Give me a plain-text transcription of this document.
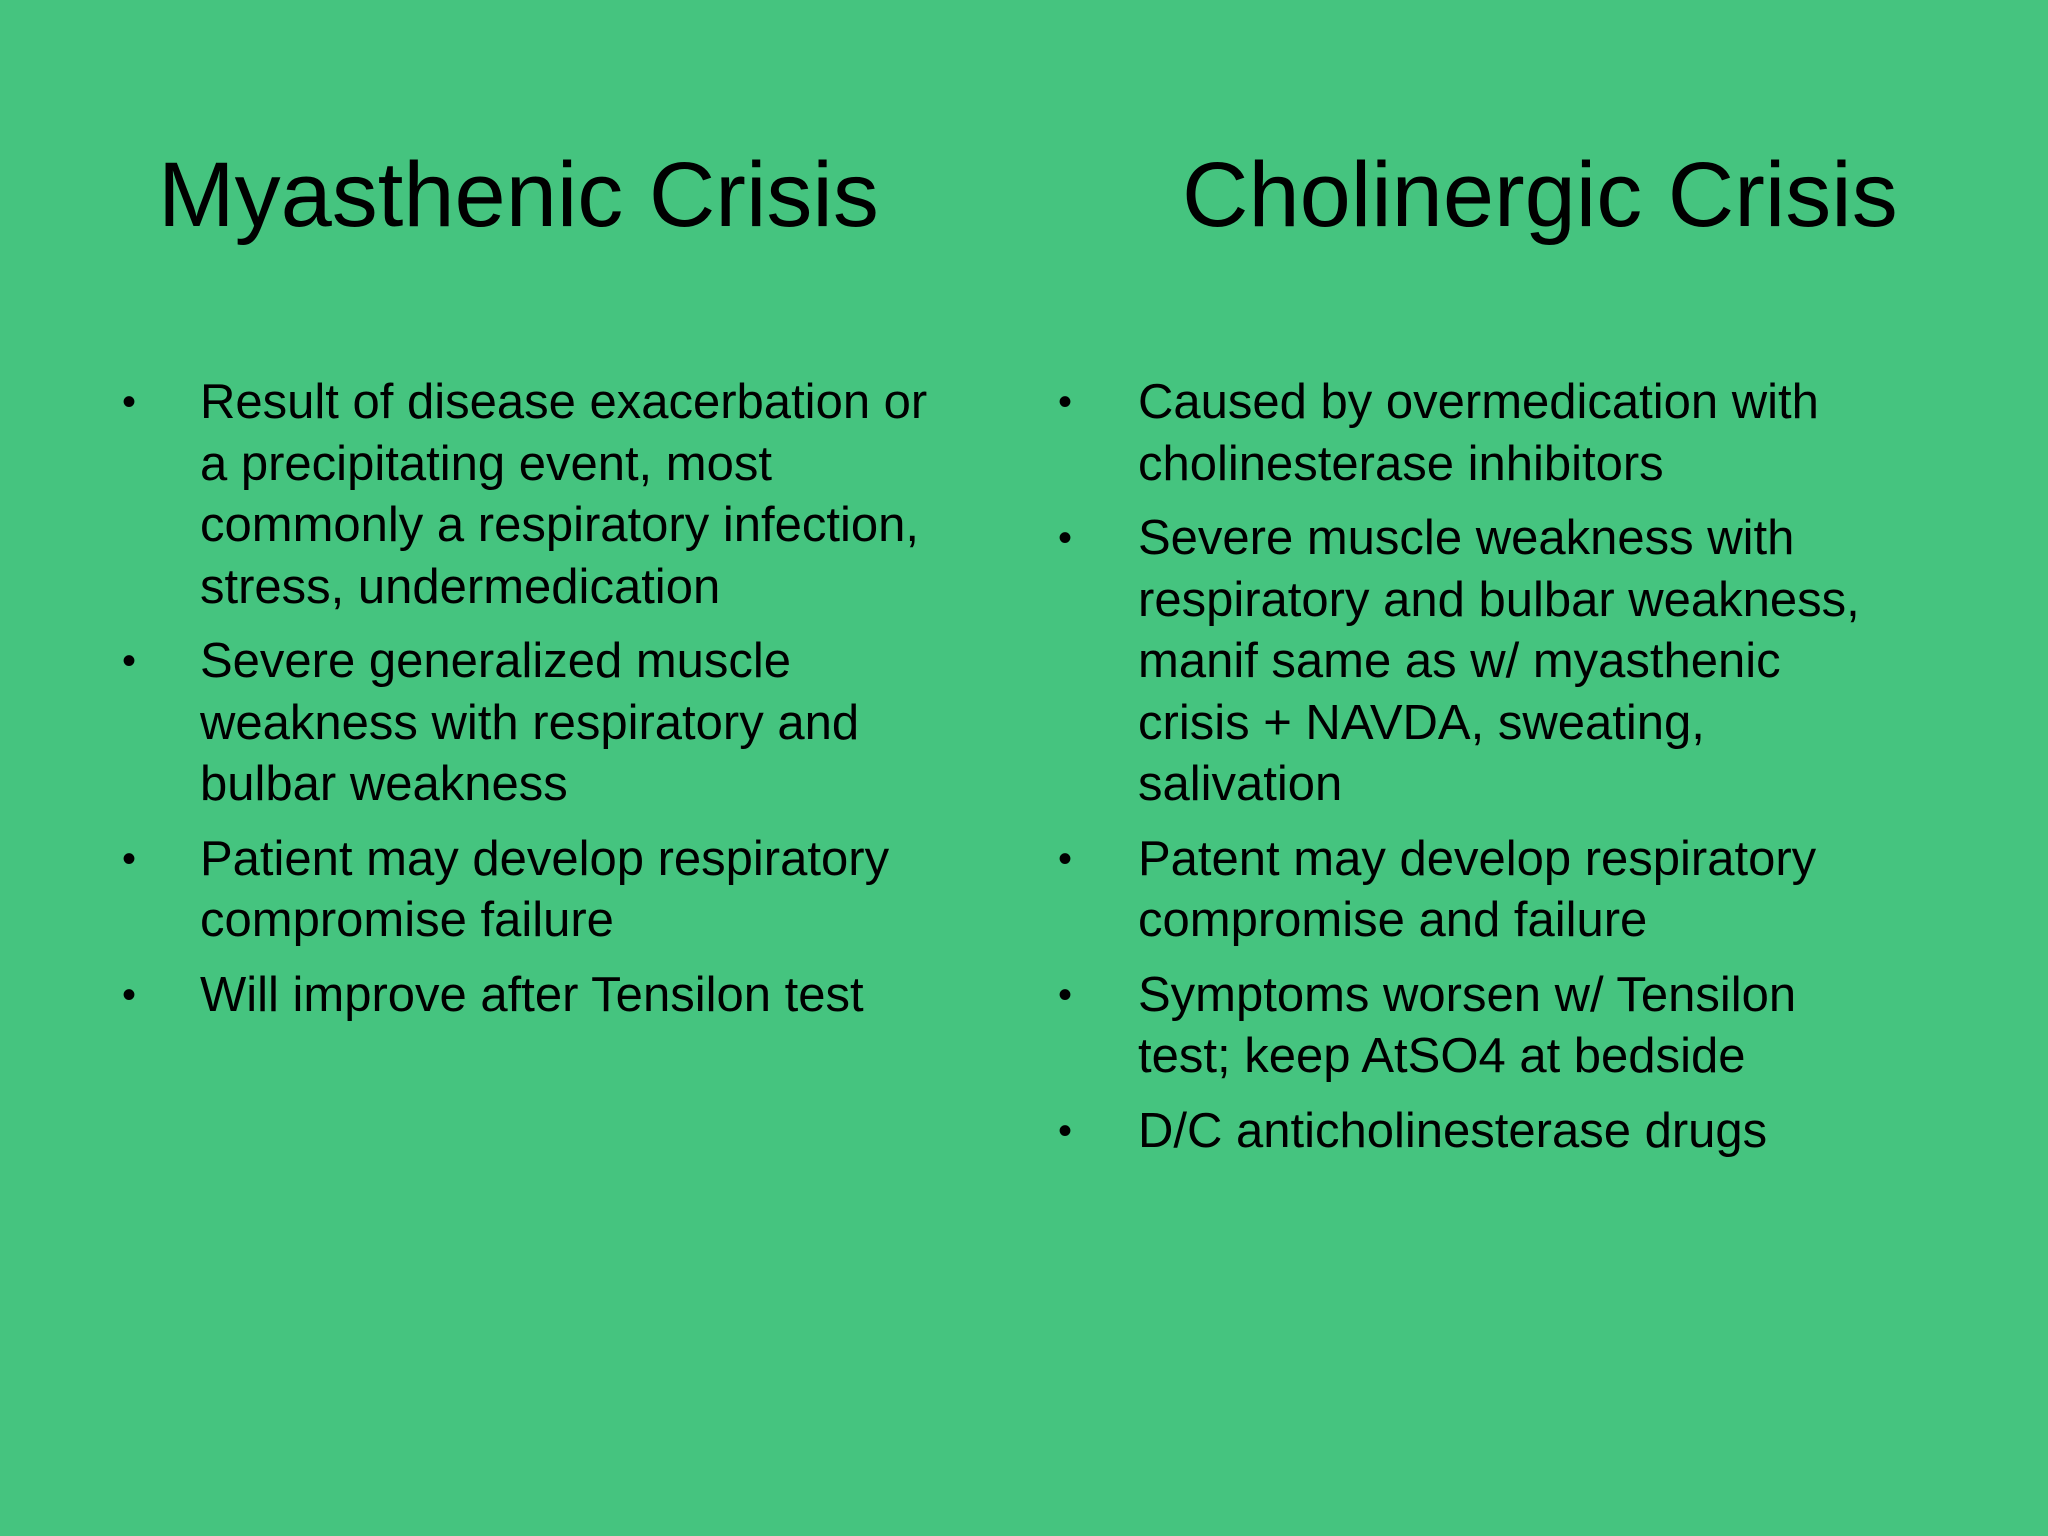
Myasthenic Crisis
• Result of disease exacerbation or
a precipitating event, most
commonly a respiratory infection,
stress, undermedication
• Severe generalized muscle
weakness with respiratory and
bulbar weakness
• Patient may develop respiratory
compromise failure
• Will improve after Tensilon test
Cholinergic Crisis
• Caused by overmedication with
cholinesterase inhibitors
• Severe muscle weakness with
respiratory and bulbar weakness,
manif same as w/ myasthenic
crisis + NAVDA, sweating,
salivation
• Patent may develop respiratory
compromise and failure
• Symptoms worsen w/ Tensilon
test; keep AtSO4 at bedside
• D/C anticholinesterase drugs
